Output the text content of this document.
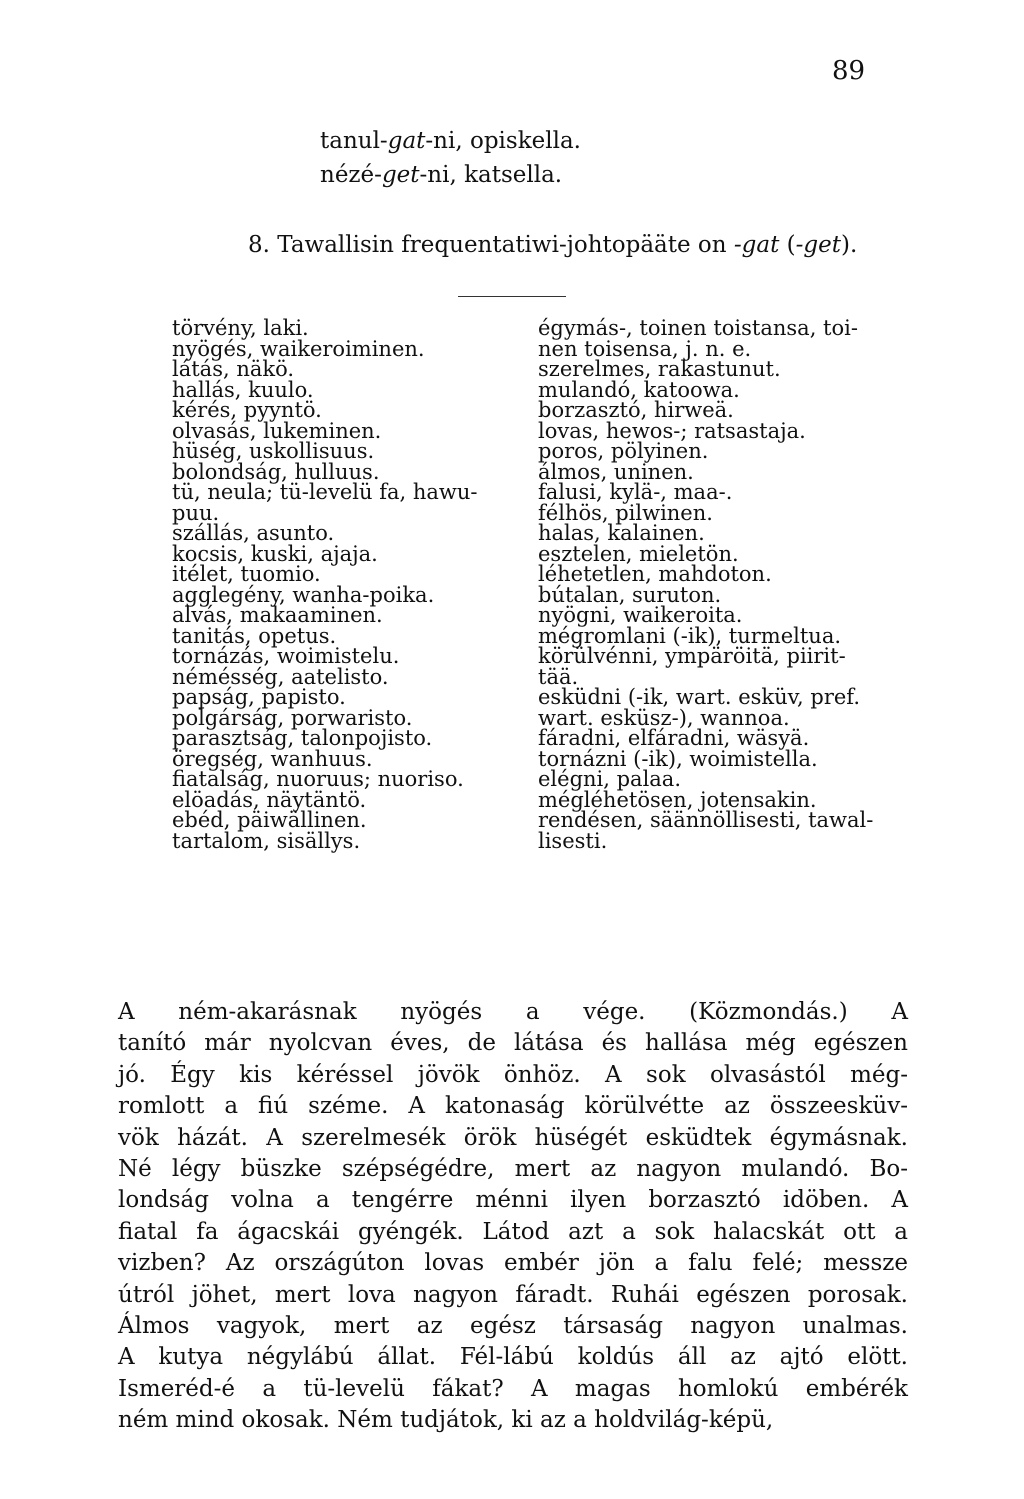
89
tanul-gat-ni, opiskella.
nézé-get-ni, katsella.
8. Tawallisin frequentatiwi-johtopääte on -gat (-get).
törvény, laki.
nyögés, waikeroiminen.
látás, näkö.
hallás, kuulo.
kérés, pyyntö.
olvasás, lukeminen.
hüség, uskollisuus.
bolondság, hulluus.
tü, neula; tü-levelü fa, hawu-
puu.
szállás, asunto.
kocsis, kuski, ajaja.
itélet, tuomio.
agglegény, wanha-poika.
alvás, makaaminen.
tanitás, opetus.
tornázás, woimistelu.
némésség, aatelisto.
papság, papisto.
polgárság, porwaristo.
parasztság, talonpojisto.
öregség, wanhuus.
fiatalság, nuoruus; nuoriso.
elöadás, näytäntö.
ebéd, päiwällinen.
tartalom, sisällys.
égymás-, toinen toistansa, toi-
nen toisensa, j. n. e.
szerelmes, rakastunut.
mulandó, katoowa.
borzasztó, hirweä.
lovas, hewos-; ratsastaja.
poros, pölyinen.
álmos, uninen.
falusi, kylä-, maa-.
félhös, pilwinen.
halas, kalainen.
esztelen, mieletön.
léhetetlen, mahdoton.
bútalan, suruton.
nyögni, waikeroita.
mégromlani (-ik), turmeltua.
körülvénni, ympäröitä, piirit-
tää.
esküdni (-ik, wart. esküv, pref.
wart. esküsz-), wannoa.
fáradni, elfáradni, wäsyä.
tornázni (-ik), woimistella.
elégni, palaa.
mégléhetösen, jotensakin.
rendésen, säännöllisesti, tawal-
lisesti.
A ném-akarásnak nyögés a vége. (Közmondás.) A
tanító már nyolcvan éves, de látása és hallása még egészen
jó. Égy kis kéréssel jövök önhöz. A sok olvasástól még-
romlott a fiú széme. A katonaság körülvétte az összeesküv-
vök házát. A szerelmesék örök hüségét esküdtek égymásnak.
Né légy büszke szépségédre, mert az nagyon mulandó. Bo-
londság volna a tengérre ménni ilyen borzasztó idöben. A
fiatal fa ágacskái gyéngék. Látod azt a sok halacskát ott a
vizben? Az országúton lovas embér jön a falu felé; messze
útról jöhet, mert lova nagyon fáradt. Ruhái egészen porosak.
Álmos vagyok, mert az egész társaság nagyon unalmas.
A kutya négylábú állat. Fél-lábú koldús áll az ajtó elött.
Ismeréd-é a tü-levelü fákat? A magas homlokú embérék
ném mind okosak. Ném tudjátok, ki az a holdvilág-képü,
